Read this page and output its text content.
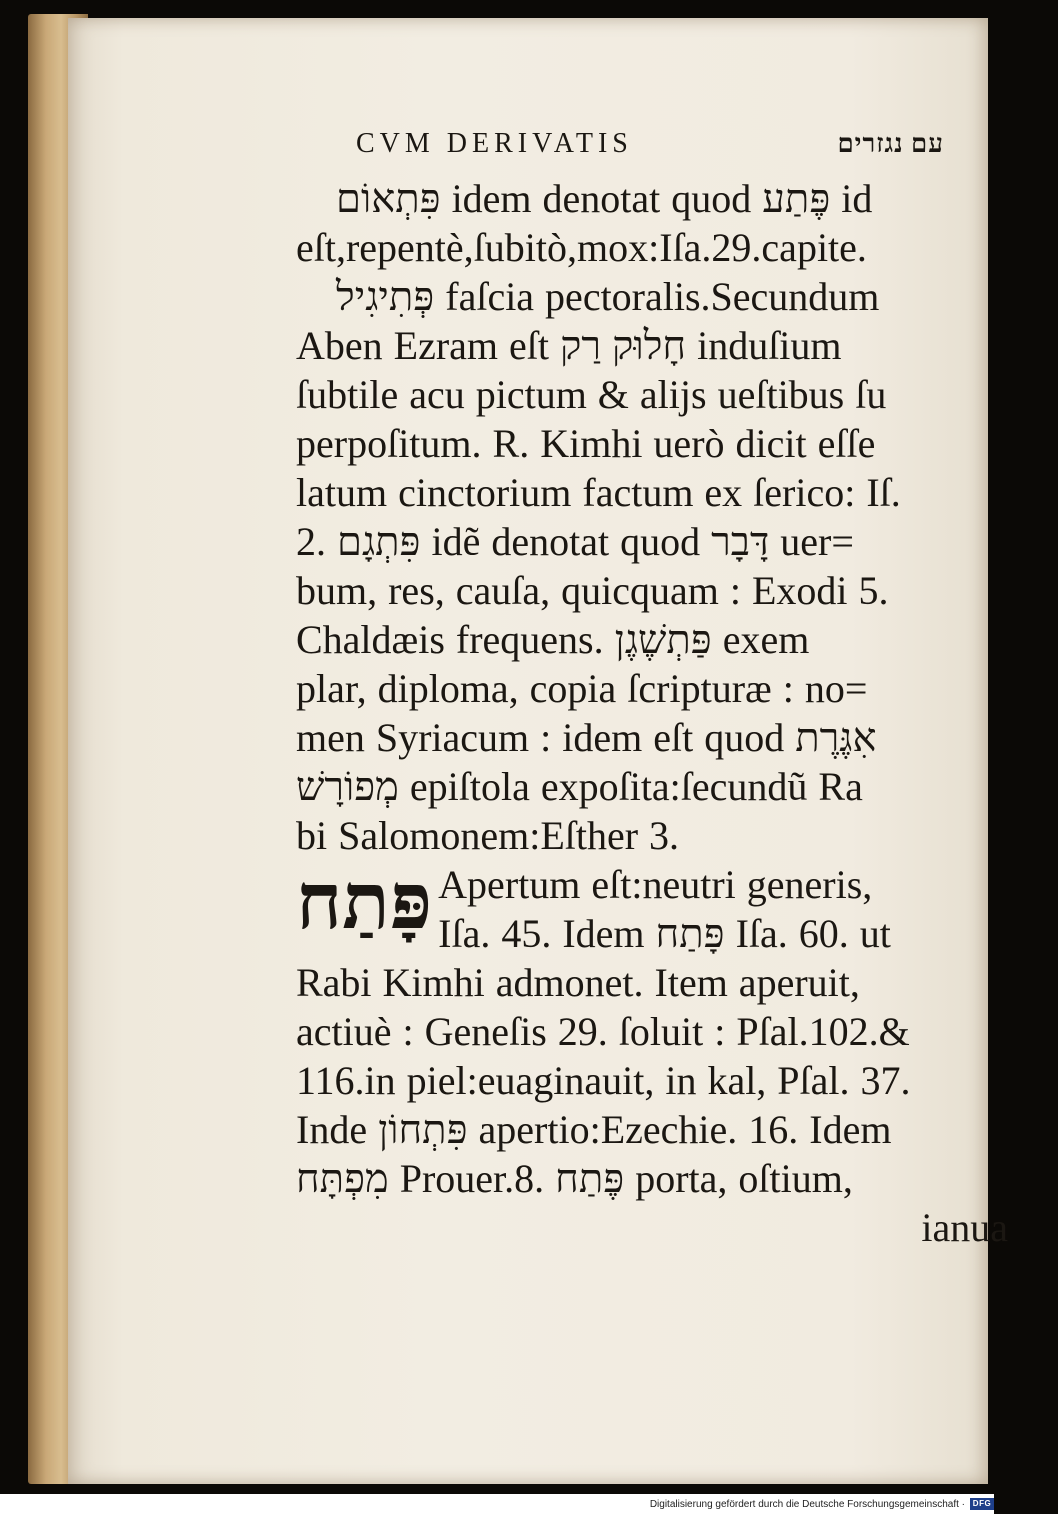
CVM DERIVATIS	עם נגזרים
פִּתְאוֹם idem denotat quod פֶּתַע id
eſt,repentè,ſubitò,mox:Iſa.29.capite.
פְּתִיגִיל faſcia pectoralis.Secundum
Aben Ezram eſt חָלוּק רַק induſium
ſubtile acu pictum & alijs ueſtibus ſu
perpoſitum. R. Kimhi uerò dicit eſſe
latum cinctorium factum ex ſerico: Iſ.
2. פִּתְגָם idẽ denotat quod דָּבָר uer=
bum, res, cauſa, quicquam : Exodi 5.
Chaldæis frequens. פַּתְשֶׁגֶן exem
plar, diploma, copia ſcripturæ : no=
men Syriacum : idem eſt quod אִגֶּרֶת
מְפוֹרָשׁ epiſtola expoſita:ſecundũ Ra
bi Salomonem:Eſther 3.
פָּתַח Apertum eſt:neutri generis,
Iſa. 45. Idem פָּתַח Iſa. 60. ut
Rabi Kimhi admonet. Item aperuit,
actiuè : Geneſis 29. ſoluit : Pſal.102.&
116.in piel:euaginauit, in kal, Pſal. 37.
Inde פִּתְחוֹן apertio:Ezechie. 16. Idem
מִפְתָּח Prouer.8. פֶּתַח porta, oſtium,
ianua
Digitalisierung gefördert durch die Deutsche Forschungsgemeinschaft · DFG
